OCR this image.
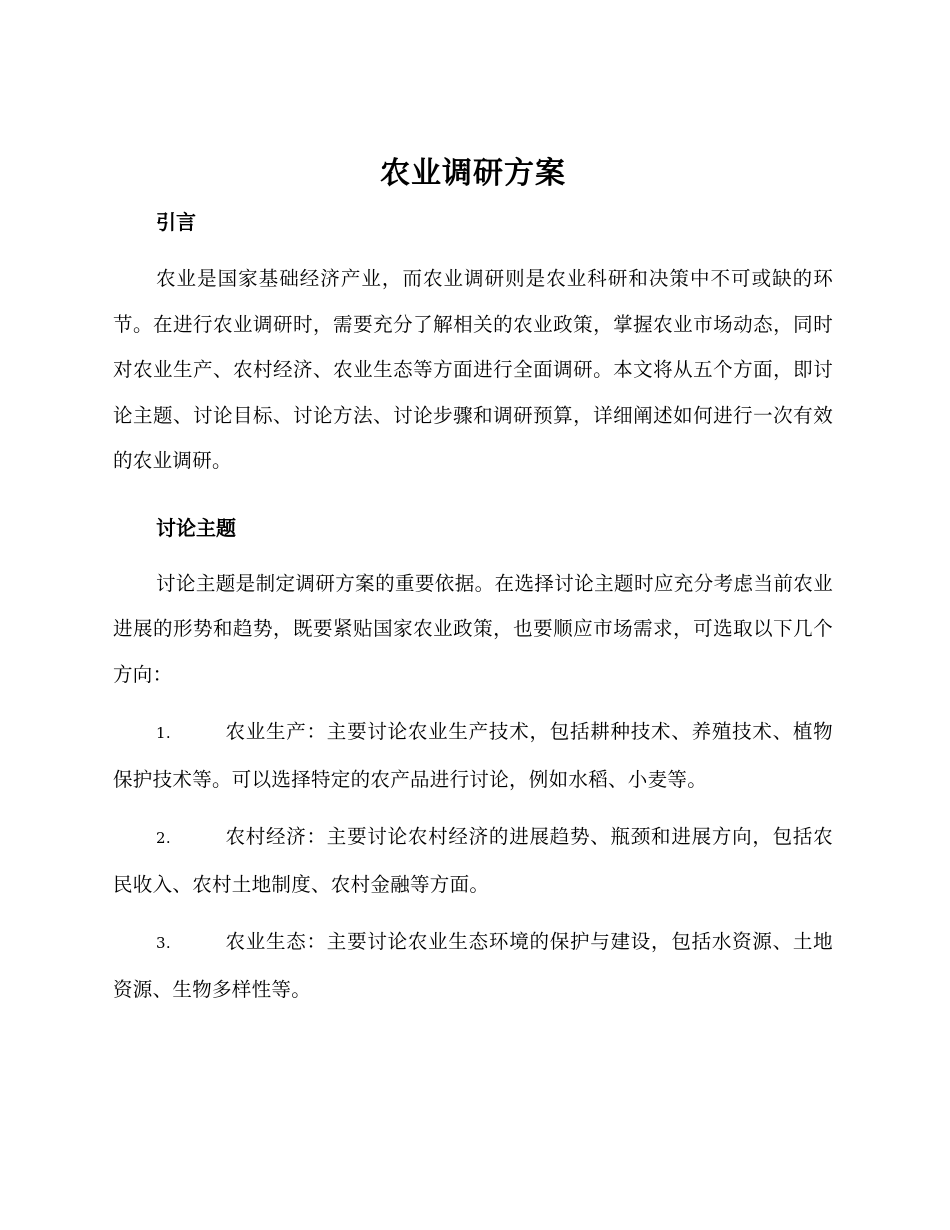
农业调研方案
引言

农业是国家基础经济产业，而农业调研则是农业科研和决策中不可或缺的环节。在进行农业调研时，需要充分了解相关的农业政策，掌握农业市场动态，同时对农业生产、农村经济、农业生态等方面进行全面调研。本文将从五个方面，即讨论主题、讨论目标、讨论方法、讨论步骤和调研预算，详细阐述如何进行一次有效的农业调研。

讨论主题

讨论主题是制定调研方案的重要依据。在选择讨论主题时应充分考虑当前农业进展的形势和趋势，既要紧贴国家农业政策，也要顺应市场需求，可选取以下几个方向：

1.	农业生产：主要讨论农业生产技术，包括耕种技术、养殖技术、植物保护技术等。可以选择特定的农产品进行讨论，例如水稻、小麦等。
2.	农村经济：主要讨论农村经济的进展趋势、瓶颈和进展方向，包括农民收入、农村土地制度、农村金融等方面。
3.	农业生态：主要讨论农业生态环境的保护与建设，包括水资源、土地资源、生物多样性等。
